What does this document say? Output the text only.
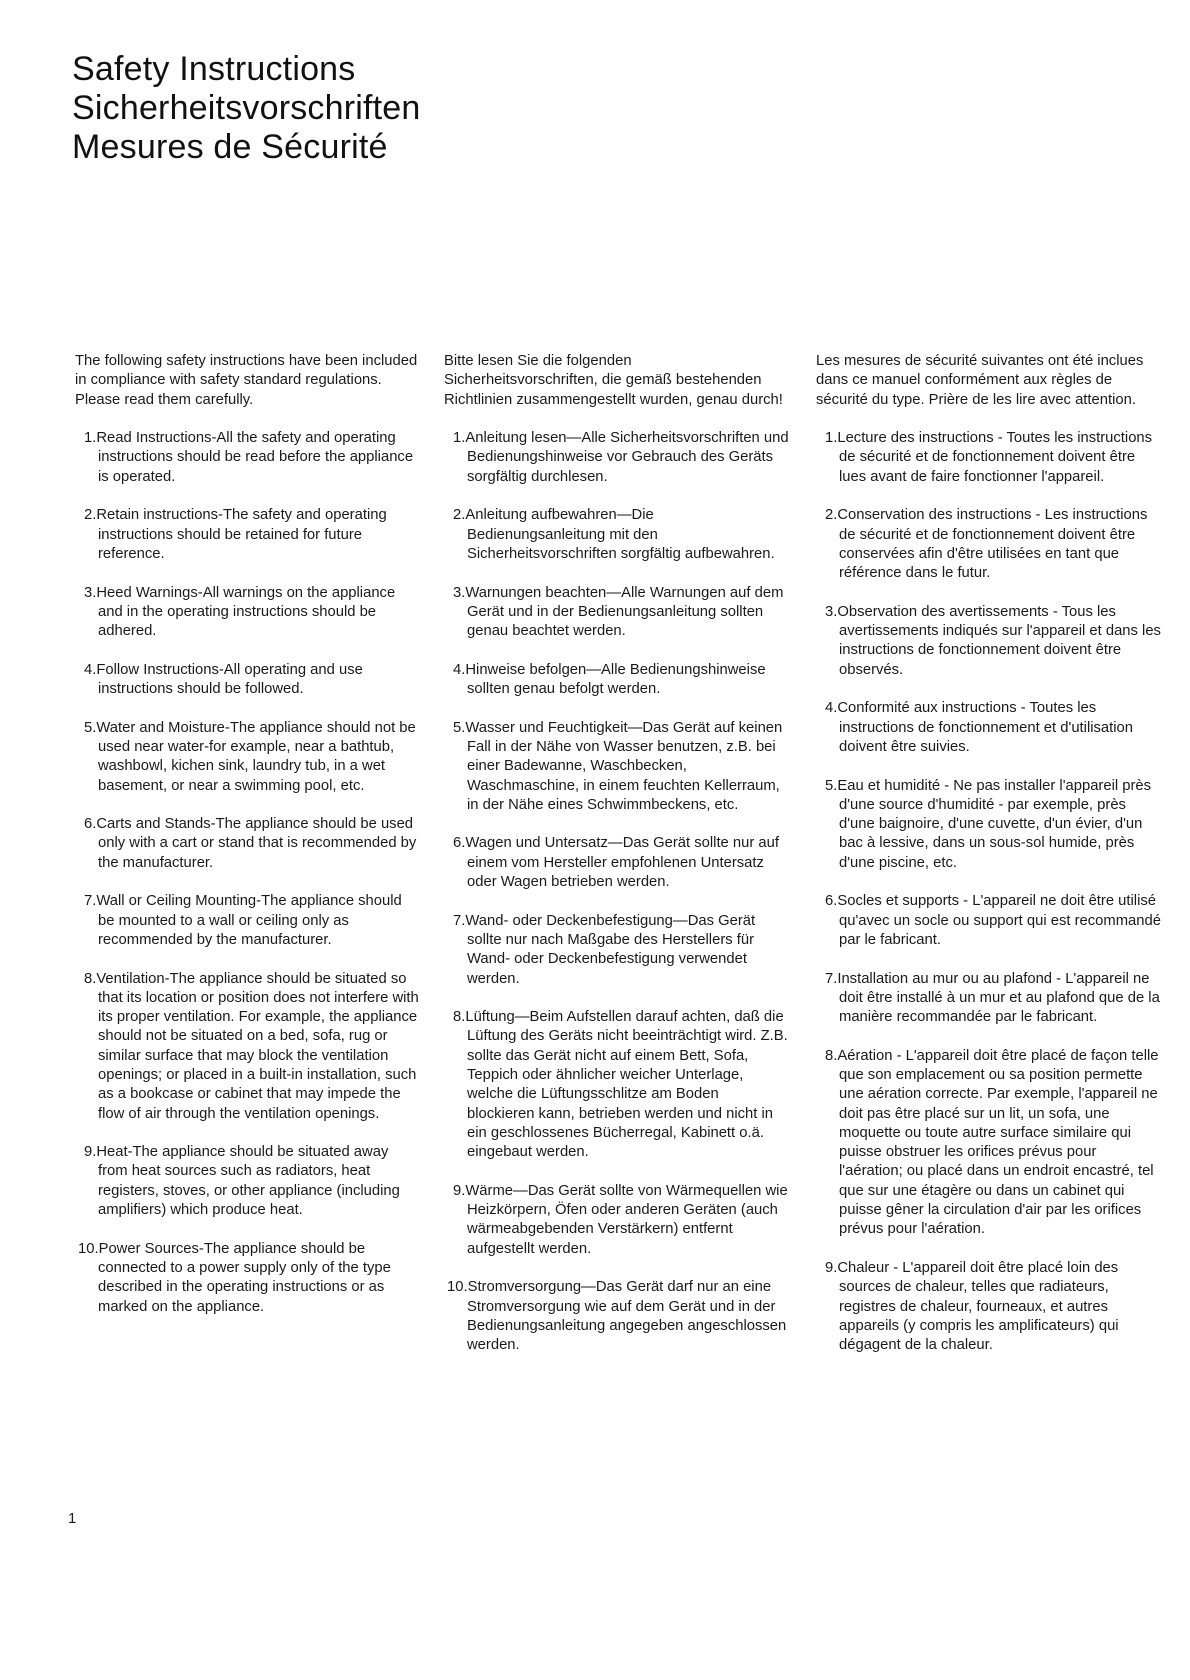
Safety Instructions
Sicherheitsvorschriften
Mesures de Sécurité

The following safety instructions have been included in compliance with safety standard regulations. Please read them carefully.

1.Read Instructions-All the safety and operating instructions should be read before the appliance is operated.
2.Retain instructions-The safety and operating instructions should be retained for future reference.
3.Heed Warnings-All warnings on the appliance and in the operating instructions should be adhered.
4.Follow Instructions-All operating and use instructions should be followed.
5.Water and Moisture-The appliance should not be used near water-for example, near a bathtub, washbowl, kichen sink, laundry tub, in a wet basement, or near a swimming pool, etc.
6.Carts and Stands-The appliance should be used only with a cart or stand that is recommended by the manufacturer.
7.Wall or Ceiling Mounting-The appliance should be mounted to a wall or ceiling only as recommended by the manufacturer.
8.Ventilation-The appliance should be situated so that its location or position does not interfere with its proper ventilation. For example, the appliance should not be situated on a bed, sofa, rug or similar surface that may block the ventilation openings; or placed in a built-in installation, such as a bookcase or cabinet that may impede the flow of air through the ventilation openings.
9.Heat-The appliance should be situated away from heat sources such as radiators, heat registers, stoves, or other appliance (including amplifiers) which produce heat.
10.Power Sources-The appliance should be connected to a power supply only of the type described in the operating instructions or as marked on the appliance.

Bitte lesen Sie die folgenden Sicherheitsvorschriften, die gemäß bestehenden Richtlinien zusammengestellt wurden, genau durch!

1.Anleitung lesen—Alle Sicherheitsvorschriften und Bedienungshinweise vor Gebrauch des Geräts sorgfältig durchlesen.
2.Anleitung aufbewahren—Die Bedienungsanleitung mit den Sicherheitsvorschriften sorgfältig aufbewahren.
3.Warnungen beachten—Alle Warnungen auf dem Gerät und in der Bedienungsanleitung sollten genau beachtet werden.
4.Hinweise befolgen—Alle Bedienungshinweise sollten genau befolgt werden.
5.Wasser und Feuchtigkeit—Das Gerät auf keinen Fall in der Nähe von Wasser benutzen, z.B. bei einer Badewanne, Waschbecken, Waschmaschine, in einem feuchten Kellerraum, in der Nähe eines Schwimmbeckens, etc.
6.Wagen und Untersatz—Das Gerät sollte nur auf einem vom Hersteller empfohlenen Untersatz oder Wagen betrieben werden.
7.Wand- oder Deckenbefestigung—Das Gerät sollte nur nach Maßgabe des Herstellers für Wand- oder Deckenbefestigung verwendet werden.
8.Lüftung—Beim Aufstellen darauf achten, daß die Lüftung des Geräts nicht beeinträchtigt wird. Z.B. sollte das Gerät nicht auf einem Bett, Sofa, Teppich oder ähnlicher weicher Unterlage, welche die Lüftungsschlitze am Boden blockieren kann, betrieben werden und nicht in ein geschlossenes Bücherregal, Kabinett o.ä. eingebaut werden.
9.Wärme—Das Gerät sollte von Wärmequellen wie Heizkörpern, Öfen oder anderen Geräten (auch wärmeabgebenden Verstärkern) entfernt aufgestellt werden.
10.Stromversorgung—Das Gerät darf nur an eine Stromversorgung wie auf dem Gerät und in der Bedienungsanleitung angegeben angeschlossen werden.

Les mesures de sécurité suivantes ont été inclues dans ce manuel conformément aux règles de sécurité du type. Prière de les lire avec attention.

1.Lecture des instructions - Toutes les instructions de sécurité et de fonctionnement doivent être lues avant de faire fonctionner l'appareil.
2.Conservation des instructions - Les instructions de sécurité et de fonctionnement doivent être conservées afin d'être utilisées en tant que référence dans le futur.
3.Observation des avertissements - Tous les avertissements indiqués sur l'appareil et dans les instructions de fonctionnement doivent être observés.
4.Conformité aux instructions - Toutes les instructions de fonctionnement et d'utilisation doivent être suivies.
5.Eau et humidité - Ne pas installer l'appareil près d'une source d'humidité - par exemple, près d'une baignoire, d'une cuvette, d'un évier, d'un bac à lessive, dans un sous-sol humide, près d'une piscine, etc.
6.Socles et supports - L'appareil ne doit être utilisé qu'avec un socle ou support qui est recommandé par le fabricant.
7.Installation au mur ou au plafond - L'appareil ne doit être installé à un mur et au plafond que de la manière recommandée par le fabricant.
8.Aération - L'appareil doit être placé de façon telle que son emplacement ou sa position permette une aération correcte. Par exemple, l'appareil ne doit pas être placé sur un lit, un sofa, une moquette ou toute autre surface similaire qui puisse obstruer les orifices prévus pour l'aération; ou placé dans un endroit encastré, tel que sur une étagère ou dans un cabinet qui puisse gêner la circulation d'air par les orifices prévus pour l'aération.
9.Chaleur - L'appareil doit être placé loin des sources de chaleur, telles que radiateurs, registres de chaleur, fourneaux, et autres appareils (y compris les amplificateurs) qui dégagent de la chaleur.
1
